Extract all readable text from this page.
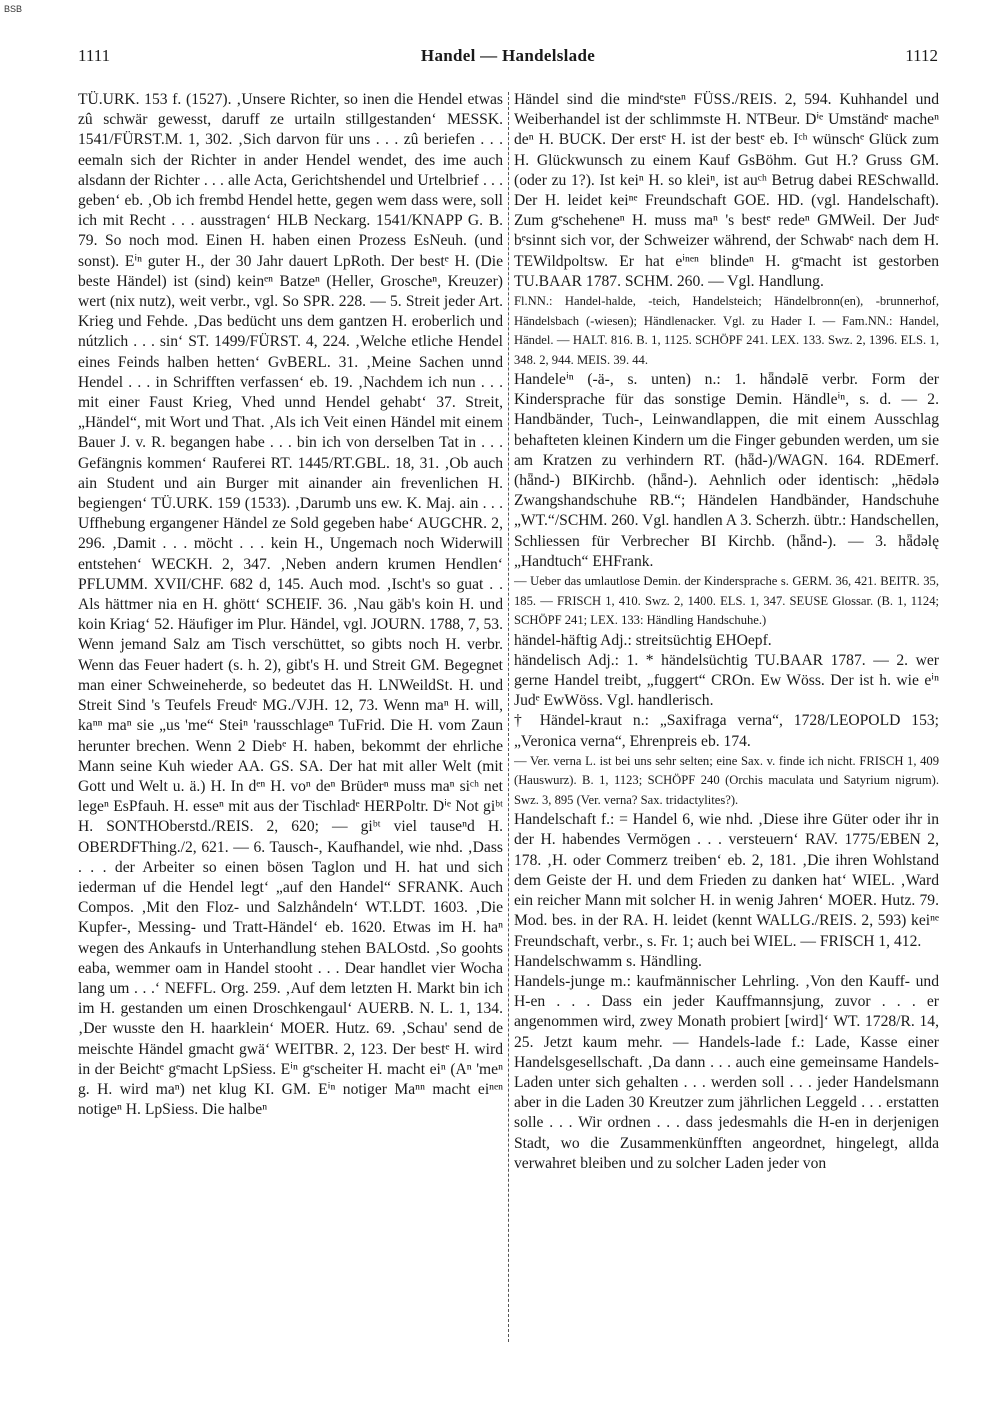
BSB
1111	Handel — Handelslade	1112

TÜ.URK. 153 f. (1527). ‚Unsere Richter, so inen die Hendel etwas zû schwär gewesst, daruff ze urtailn stillgestanden‘ MESSK. 1541/FÜRST.M. 1, 302. ‚Sich darvon für uns . . . zû beriefen . . . eemaln sich der Richter in ander Hendel wendet, des ime auch alsdann der Richter . . . alle Acta, Gerichtshendel und Urtelbrief . . . geben‘ eb. ‚Ob ich frembd Hendel hette, gegen wem dass were, soll ich mit Recht . . . ausstragen‘ HLB Neckarg. 1541/KNAPP G. B. 79. So noch mod. Einen H. haben einen Prozess EsNeuh. (und sonst). Eⁱⁿ guter H., der 30 Jahr dauert LpRoth. Der bestᵉ H. (Die beste Händel) ist (sind) keinᵉⁿ Batzeⁿ (Heller, Groscheⁿ, Kreuzer) wert (nix nutz), weit verbr., vgl. So SPR. 228. — 5. Streit jeder Art. Krieg und Fehde. ‚Das bedücht uns dem gantzen H. eroberlich und nútzlich . . . sin‘ ST. 1499/FÜRST. 4, 224. ‚Welche etliche Hendel eines Feinds halben hetten‘ GvBERL. 31. ‚Meine Sachen unnd Hendel . . . in Schrifften verfassen‘ eb. 19. ‚Nachdem ich nun . . . mit einer Faust Krieg, Vhed unnd Hendel gehabt‘ 37. Streit, „Händel“, mit Wort und That. ‚Als ich Veit einen Händel mit einem Bauer J. v. R. begangen habe . . . bin ich von derselben Tat in . . . Gefängnis kommen‘ Rauferei RT. 1445/RT.GBL. 18, 31. ‚Ob auch ain Student und ain Burger mit ainander ain frevenlichen H. begiengen‘ TÜ.URK. 159 (1533). ‚Darumb uns ew. K. Maj. ain . . . Uffhebung ergangener Händel ze Sold gegeben habe‘ AUGCHR. 2, 296. ‚Damit . . . möcht . . . kein H., Ungemach noch Widerwill entstehen‘ WECKH. 2, 347. ‚Neben andern krumen Hendlen‘ PFLUMM. XVII/CHF. 682 d, 145. Auch mod. ‚Ischt's so guat . . Als hättmer nia en H. ghött‘ SCHEIF. 36. ‚Nau gäb's koin H. und koin Kriag‘ 52. Häufiger im Plur. Händel, vgl. JOURN. 1788, 7, 53. Wenn jemand Salz am Tisch verschüttet, so gibts noch H. verbr. Wenn das Feuer hadert (s. h. 2), gibt's H. und Streit GM. Begegnet man einer Schweineherde, so bedeutet das H. LNWeildSt. H. und Streit Sind 's Teufels Freudᵉ MG./VJH. 12, 73. Wenn maⁿ H. will, kaⁿⁿ maⁿ sie „us 'me“ Steiⁿ 'rausschlageⁿ TuFrid. Die H. vom Zaun herunter brechen. Wenn 2 Diebᵉ H. haben, bekommt der ehrliche Mann seine Kuh wieder AA. GS. SA. Der hat mit aller Welt (mit Gott und Welt u. ä.) H. In dᵉⁿ H. voⁿ deⁿ Brüderⁿ muss maⁿ siᶜʰ net legeⁿ EsPfauh. H. esseⁿ mit aus der Tischladᵉ HERPoltr. Dⁱᵉ Not giᵇᵗ H. SONTHOberstd./REIS. 2, 620; — giᵇᵗ viel tauseⁿd H. OBERDFThing./2, 621. — 6. Tausch-, Kaufhandel, wie nhd. ‚Dass . . . der Arbeiter so einen bösen Taglon und H. hat und sich iederman uf die Hendel legt‘ „auf den Handel“ SFRANK. Auch Compos. ‚Mit den Floz- und Salzhåndeln‘ WT.LDT. 1603. ‚Die Kupfer-, Messing- und Tratt-Händel‘ eb. 1620. Etwas im H. haⁿ wegen des Ankaufs in Unterhandlung stehen BALOstd. ‚So goohts eaba, wemmer oam in Handel stooht . . . Dear handlet vier Wocha lang um . . .‘ NEFFL. Org. 259. ‚Auf dem letzten H. Markt bin ich im H. gestanden um einen Droschkengaul‘ AUERB. N. L. 1, 134. ‚Der wusste den H. haarklein‘ MOER. Hutz. 69. ‚Schau' send de meischte Händel gmacht gwä‘ WEITBR. 2, 123. Der bestᵉ H. wird in der Beichtᵉ gᵉmacht LpSiess. Eⁱⁿ gᵉscheiter H. macht eiⁿ (Aⁿ 'meⁿ g. H. wird maⁿ) net klug KI. GM. Eⁱⁿ notiger Maⁿⁿ macht eiⁿᵉⁿ notigeⁿ H. LpSiess. Die halbeⁿ

Händel sind die mindᵉsteⁿ FÜSS./REIS. 2, 594. Kuhhandel und Weiberhandel ist der schlimmste H. NTBeur. Dⁱᵉ Umständᵉ macheⁿ deⁿ H. BUCK. Der erstᵉ H. ist der bestᵉ eb. Iᶜʰ wünschᵉ Glück zum H. Glückwunsch zu einem Kauf GsBöhm. Gut H.? Gruss GM. (oder zu 1?). Ist keiⁿ H. so kleiⁿ, ist auᶜʰ Betrug dabei RESchwalld. Der H. leidet keiⁿᵉ Freundschaft GOE. HD. (vgl. Handelschaft). Zum gᵉscheheneⁿ H. muss maⁿ 's bestᵉ redeⁿ GMWeil. Der Judᵉ bᵉsinnt sich vor, der Schweizer während, der Schwabᵉ nach dem H. TEWildpoltsw. Er hat eⁱⁿᵉⁿ blindeⁿ H. gᵉmacht ist gestorben TU.BAAR 1787. SCHM. 260. — Vgl. Handlung.

Fl.NN.: Handel-halde, -teich, Handelsteich; Händelbronn(en), -brunnerhof, Händelsbach (-wiesen); Händlenacker. Vgl. zu Hader I. — Fam.NN.: Handel, Händel. — HALT. 816. B. 1, 1125. SCHÖPF 241. LEX. 133. Swz. 2, 1396. ELS. 1, 348. 2, 944. MEIS. 39. 44.

Handeleⁱⁿ (-ä-, s. unten) n.: 1. hǟndəlē verbr. Form der Kindersprache für das sonstige Demin. Händleⁱⁿ, s. d. — 2. Handbänder, Tuch-, Leinwandlappen, die mit einem Ausschlag behafteten kleinen Kindern um die Finger gebunden werden, um sie am Kratzen zu verhindern RT. (hǟd-)/WAGN. 164. RDEmerf. (hǟnd-) BIKirchb. (hǟnd-). Aehnlich oder identisch: „hēdələ Zwangshandschuhe RB.“; Händelen Handbänder, Handschuhe „WT.“/SCHM. 260. Vgl. handlen A 3. Scherzh. übtr.: Handschellen, Schliessen für Verbrecher BI Kirchb. (hǟnd-). — 3. hǟdəlę „Handtuch“ EHFrank.

— Ueber das umlautlose Demin. der Kindersprache s. GERM. 36, 421. BEITR. 35, 185. — FRISCH 1, 410. Swz. 2, 1400. ELS. 1, 347. SEUSE Glossar. (B. 1, 1124; SCHÖPF 241; LEX. 133: Händling Handschuhe.)

händel-häftig Adj.: streitsüchtig EHOepf.

händelisch Adj.: 1. * händelsüchtig TU.BAAR 1787. — 2. wer gerne Handel treibt, „fuggert“ CROn. Ew Wöss. Der ist h. wie eⁱⁿ Judᵉ EwWöss. Vgl. handlerisch.

† Händel-kraut n.: „Saxifraga verna“, 1728/LEOPOLD 153; „Veronica verna“, Ehrenpreis eb. 174.

— Ver. verna L. ist bei uns sehr selten; eine Sax. v. finde ich nicht. FRISCH 1, 409 (Hauswurz). B. 1, 1123; SCHÖPF 240 (Orchis maculata und Satyrium nigrum). Swz. 3, 895 (Ver. verna? Sax. tridactylites?).

Handelschaft f.: = Handel 6, wie nhd. ‚Diese ihre Güter oder ihr in der H. habendes Vermögen . . . versteuern‘ RAV. 1775/EBEN 2, 178. ‚H. oder Commerz treiben‘ eb. 2, 181. ‚Die ihren Wohlstand dem Geiste der H. und dem Frieden zu danken hat‘ WIEL. ‚Ward ein reicher Mann mit solcher H. in wenig Jahren‘ MOER. Hutz. 79. Mod. bes. in der RA. H. leidet (kennt WALLG./REIS. 2, 593) keiⁿᵉ Freundschaft, verbr., s. Fr. 1; auch bei WIEL. — FRISCH 1, 412.

Handelschwamm s. Händling.

Handels-junge m.: kaufmännischer Lehrling. ‚Von den Kauff- und H-en . . . Dass ein jeder Kauffmannsjung, zuvor . . . er angenommen wird, zwey Monath probiert [wird]‘ WT. 1728/R. 14, 25. Jetzt kaum mehr. — Handels-lade f.: Lade, Kasse einer Handelsgesellschaft. ‚Da dann . . . auch eine gemeinsame Handels-Laden unter sich gehalten . . . werden soll . . . jeder Handelsmann aber in die Laden 30 Kreutzer zum jährlichen Leggeld . . . erstatten solle . . . Wir ordnen . . . dass jedesmahls die H-en in derjenigen Stadt, wo die Zusammenkünfften angeordnet, hingelegt, allda verwahret bleiben und zu solcher Laden jeder von
